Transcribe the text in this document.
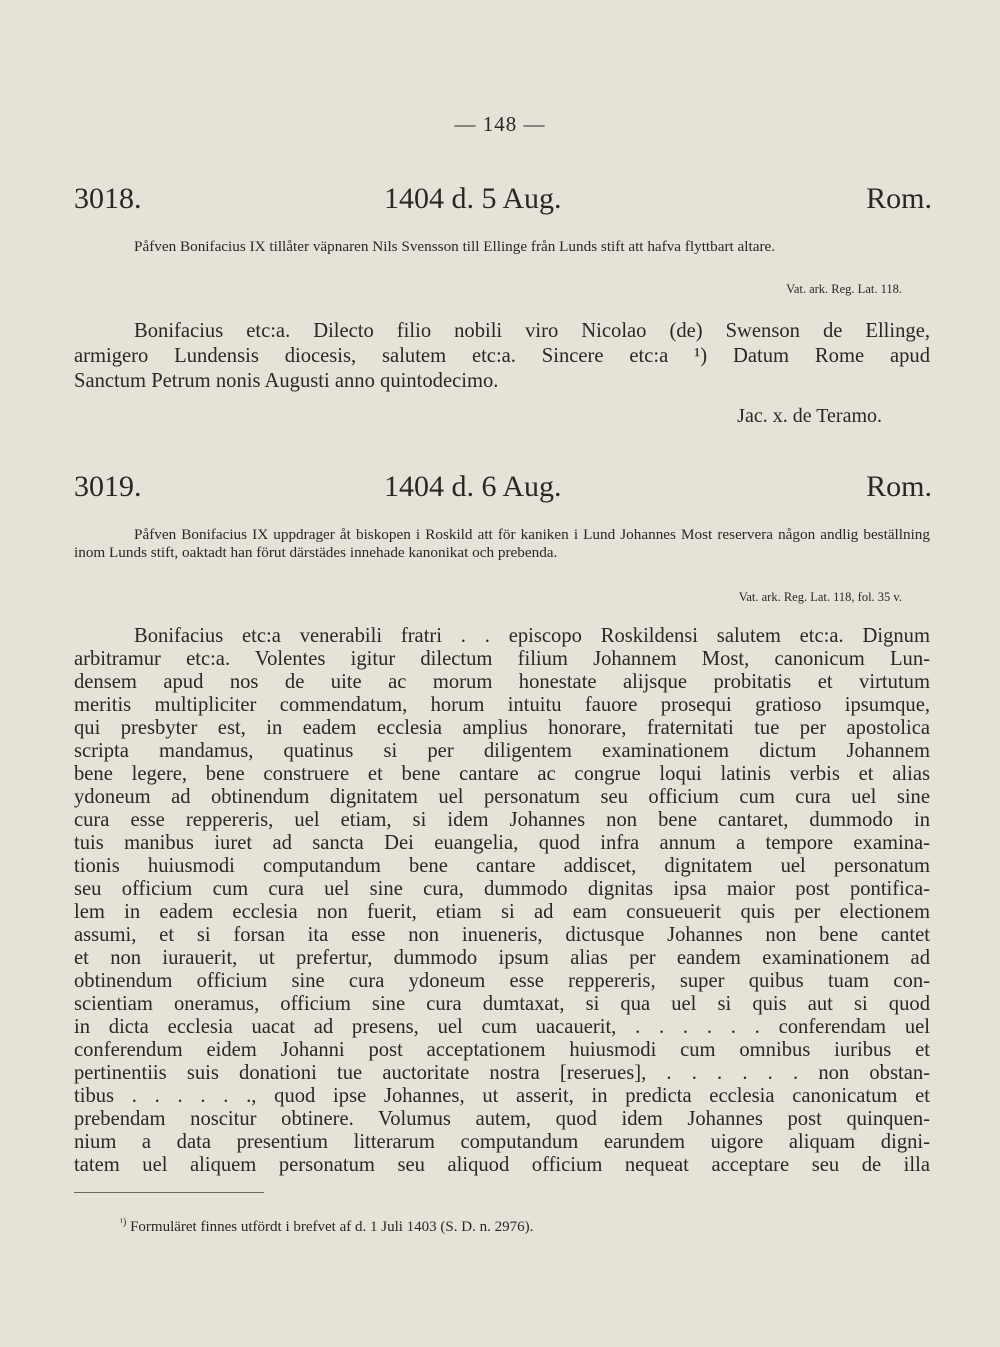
— 148 —
3018.	1404 d. 5 Aug.	Rom.

Påfven Bonifacius IX tillåter väpnaren Nils Svensson till Ellinge från Lunds stift att hafva flyttbart altare.

Vat. ark. Reg. Lat. 118.

Bonifacius etc:a. Dilecto filio nobili viro Nicolao (de) Swenson de Ellinge,

armigero Lundensis diocesis, salutem etc:a. Sincere etc:a ¹) Datum Rome apud

Sanctum Petrum nonis Augusti anno quintodecimo.

Jac. x. de Teramo.
3019.	1404 d. 6 Aug.	Rom.

Påfven Bonifacius IX uppdrager åt biskopen i Roskild att för kaniken i Lund Johannes Most reservera någon andlig beställning inom Lunds stift, oaktadt han förut därstädes innehade kanonikat och prebenda.

Vat. ark. Reg. Lat. 118, fol. 35 v.

Bonifacius etc:a venerabili fratri . . episcopo Roskildensi salutem etc:a. Dignum

arbitramur etc:a. Volentes igitur dilectum filium Johannem Most, canonicum Lun-

densem apud nos de uite ac morum honestate alijsque probitatis et virtutum

meritis multipliciter commendatum, horum intuitu fauore prosequi gratioso ipsumque,

qui presbyter est, in eadem ecclesia amplius honorare, fraternitati tue per apostolica

scripta mandamus, quatinus si per diligentem examinationem dictum Johannem

bene legere, bene construere et bene cantare ac congrue loqui latinis verbis et alias

ydoneum ad obtinendum dignitatem uel personatum seu officium cum cura uel sine

cura esse reppereris, uel etiam, si idem Johannes non bene cantaret, dummodo in

tuis manibus iuret ad sancta Dei euangelia, quod infra annum a tempore examina-

tionis huiusmodi computandum bene cantare addiscet, dignitatem uel personatum

seu officium cum cura uel sine cura, dummodo dignitas ipsa maior post pontifica-

lem in eadem ecclesia non fuerit, etiam si ad eam consueuerit quis per electionem

assumi, et si forsan ita esse non inueneris, dictusque Johannes non bene cantet

et non iurauerit, ut prefertur, dummodo ipsum alias per eandem examinationem ad

obtinendum officium sine cura ydoneum esse reppereris, super quibus tuam con-

scientiam oneramus, officium sine cura dumtaxat, si qua uel si quis aut si quod

in dicta ecclesia uacat ad presens, uel cum uacauerit, . . . . . . conferendam uel

conferendum eidem Johanni post acceptationem huiusmodi cum omnibus iuribus et

pertinentiis suis donationi tue auctoritate nostra [reserues], . . . . . . non obstan-

tibus . . . . . ., quod ipse Johannes, ut asserit, in predicta ecclesia canonicatum et

prebendam noscitur obtinere. Volumus autem, quod idem Johannes post quinquen-

nium a data presentium litterarum computandum earundem uigore aliquam digni-

tatem uel aliquem personatum seu aliquod officium nequeat acceptare seu de illa

$^{^1)}$ Formuläret finnes utfördt i brefvet af d. 1 Juli 1403 (S. D. n. 2976).
